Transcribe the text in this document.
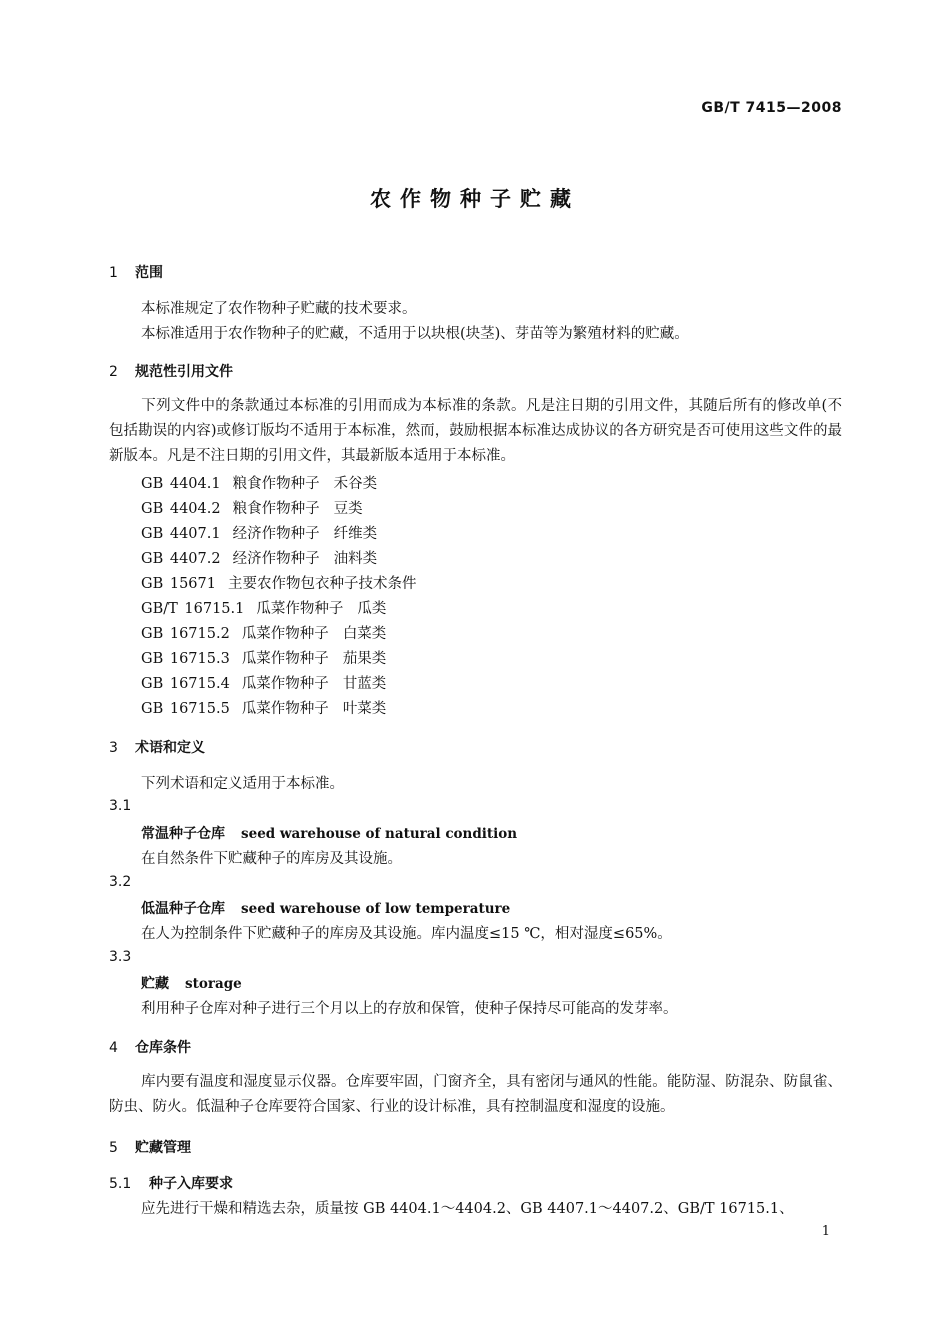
GB/T 7415—2008
农作物种子贮藏
1 范围
本标准规定了农作物种子贮藏的技术要求。
本标准适用于农作物种子的贮藏，不适用于以块根(块茎)、芽苗等为繁殖材料的贮藏。
2 规范性引用文件
下列文件中的条款通过本标准的引用而成为本标准的条款。凡是注日期的引用文件，其随后所有的修改单(不包括勘误的内容)或修订版均不适用于本标准，然而，鼓励根据本标准达成协议的各方研究是否可使用这些文件的最新版本。凡是不注日期的引用文件，其最新版本适用于本标准。
GB 4404.1 粮食作物种子 禾谷类
GB 4404.2 粮食作物种子 豆类
GB 4407.1 经济作物种子 纤维类
GB 4407.2 经济作物种子 油料类
GB 15671 主要农作物包衣种子技术条件
GB/T 16715.1 瓜菜作物种子 瓜类
GB 16715.2 瓜菜作物种子 白菜类
GB 16715.3 瓜菜作物种子 茄果类
GB 16715.4 瓜菜作物种子 甘蓝类
GB 16715.5 瓜菜作物种子 叶菜类
3 术语和定义
下列术语和定义适用于本标准。
3.1
常温种子仓库 seed warehouse of natural condition
在自然条件下贮藏种子的库房及其设施。
3.2
低温种子仓库 seed warehouse of low temperature
在人为控制条件下贮藏种子的库房及其设施。库内温度≤15 ℃，相对湿度≤65%。
3.3
贮藏 storage
利用种子仓库对种子进行三个月以上的存放和保管，使种子保持尽可能高的发芽率。
4 仓库条件
库内要有温度和湿度显示仪器。仓库要牢固，门窗齐全，具有密闭与通风的性能。能防湿、防混杂、防鼠雀、防虫、防火。低温种子仓库要符合国家、行业的设计标准，具有控制温度和湿度的设施。
5 贮藏管理
5.1 种子入库要求
应先进行干燥和精选去杂，质量按 GB 4404.1～4404.2、GB 4407.1～4407.2、GB/T 16715.1、
1
